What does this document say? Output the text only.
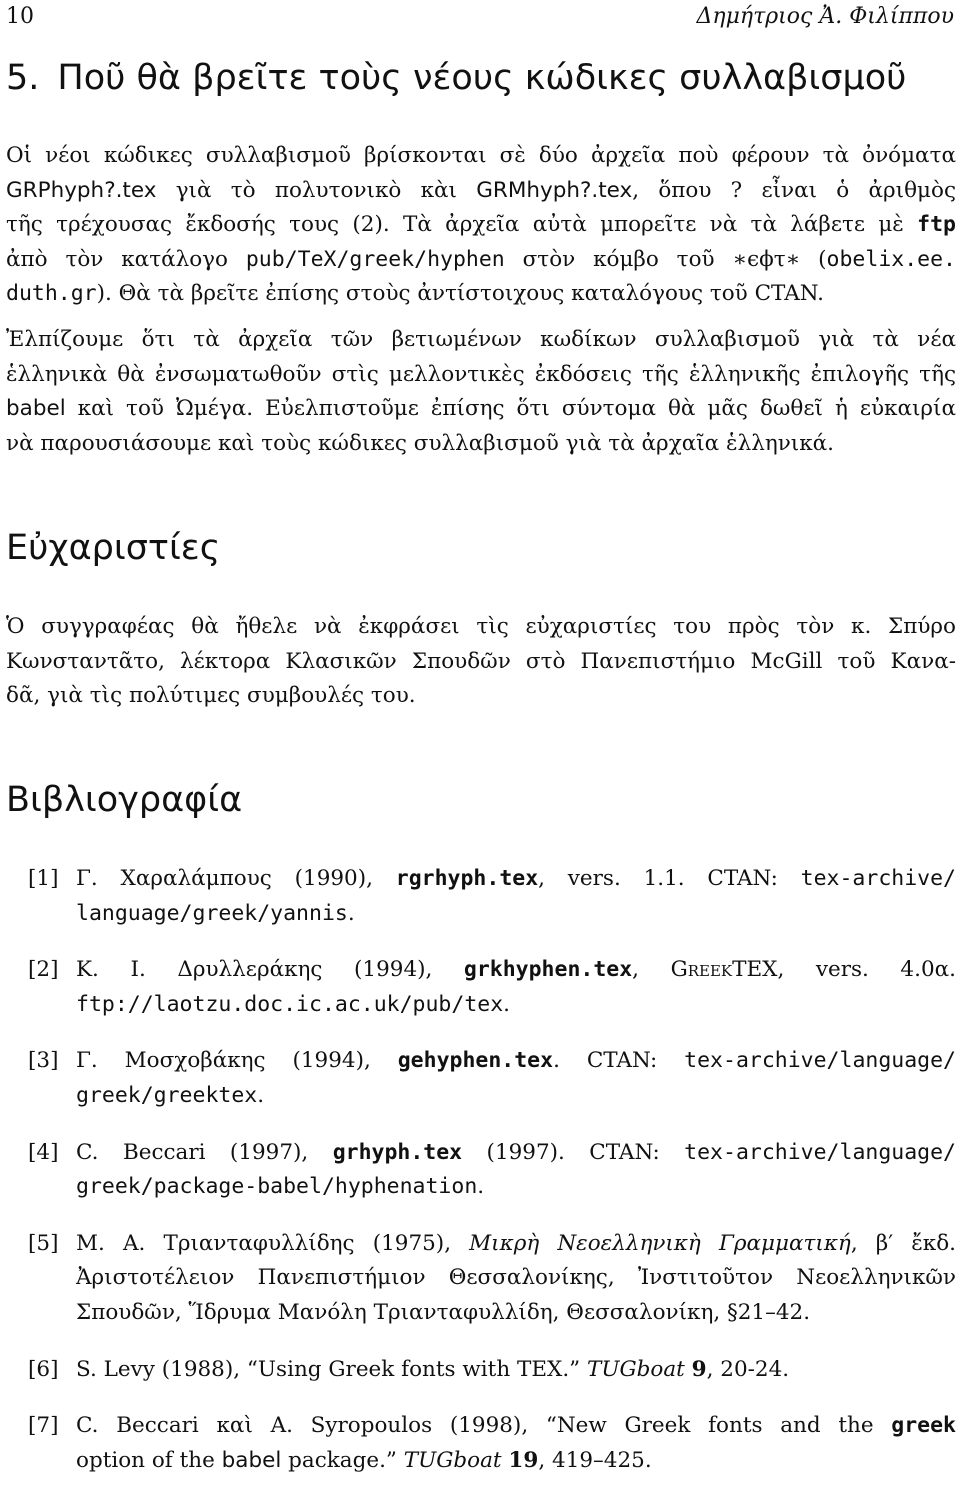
10	Δημήτριος Ἀ. Φιλίππου
5. Ποῦ θὰ βρεῖτε τοὺς νέους κώδικες συλλαβισμοῦ
Οἱ νέοι κώδικες συλλαβισμοῦ βρίσκονται σὲ δύο ἀρχεῖα ποὺ φέρουν τὰ ὀνόματα
GRPhyph?.tex γιὰ τὸ πολυτονικὸ κὰι GRMhyph?.tex, ὅπου ? εἶναι ὁ ἀριθμὸς
τῆς τρέχουσας ἔκδοσής τους (2). Τὰ ἀρχεῖα αὐτὰ μπορεῖτε νὰ τὰ λάβετε μὲ ftp
ἀπὸ τὸν κατάλογο pub/TeX/greek/hyphen στὸν κόμβο τοῦ ∗ϵϕτ∗ (obelix.ee.
duth.gr). Θὰ τὰ βρεῖτε ἐπίσης στοὺς ἀντίστοιχους καταλόγους τοῦ CTAN.
Ἐλπίζουμε ὅτι τὰ ἀρχεῖα τῶν βετιωμένων κωδίκων συλλαβισμοῦ γιὰ τὰ νέα
ἑλληνικὰ θὰ ἐνσωματωθοῦν στὶς μελλοντικὲς ἐκδόσεις τῆς ἑλληνικῆς ἐπιλογῆς τῆς
babel καὶ τοῦ Ὠμέγα. Εὐελπιστοῦμε ἐπίσης ὅτι σύντομα θὰ μᾶς δωθεῖ ἡ εὐκαιρία
νὰ παρουσιάσουμε καὶ τοὺς κώδικες συλλαβισμοῦ γιὰ τὰ ἀρχαῖα ἑλληνικά.
Εὐχαριστίες
Ὁ συγγραφέας θὰ ἤθελε νὰ ἐκφράσει τὶς εὐχαριστίες του πρὸς τὸν κ. Σπύρο
Κωνσταντᾶτο, λέκτορα Κλασικῶν Σπουδῶν στὸ Πανεπιστήμιο McGill τοῦ Κανα-
δᾶ, γιὰ τὶς πολύτιμες συμβουλές του.
Βιβλιογραφία
[1] Γ. Χαραλάμπους (1990), rgrhyph.tex, vers. 1.1. CTAN: tex-archive/
language/greek/yannis.
[2] Κ. Ι. Δρυλλεράκης (1994), grkhyphen.tex, GreekTEX, vers. 4.0α.
ftp://laotzu.doc.ic.ac.uk/pub/tex.
[3] Γ. Μοσχοβάκης (1994), gehyphen.tex. CTAN: tex-archive/language/
greek/greektex.
[4] C. Beccari (1997), grhyph.tex (1997). CTAN: tex-archive/language/
greek/package-babel/hyphenation.
[5] Μ. Α. Τριανταφυλλίδης (1975), Μικρὴ Νεοελληνικὴ Γραμματική, β′ ἔκδ.
Ἀριστοτέλειον Πανεπιστήμιον Θεσσαλονίκης, Ἰνστιτοῦτον Νεοελληνικῶν
Σπουδῶν, Ἵδρυμα Μανόλη Τριανταφυλλίδη, Θεσσαλονίκη, §21–42.
[6] S. Levy (1988), “Using Greek fonts with TEX.” TUGboat 9, 20-24.
[7] C. Beccari καὶ A. Syropoulos (1998), “New Greek fonts and the greek
option of the babel package.” TUGboat 19, 419–425.
